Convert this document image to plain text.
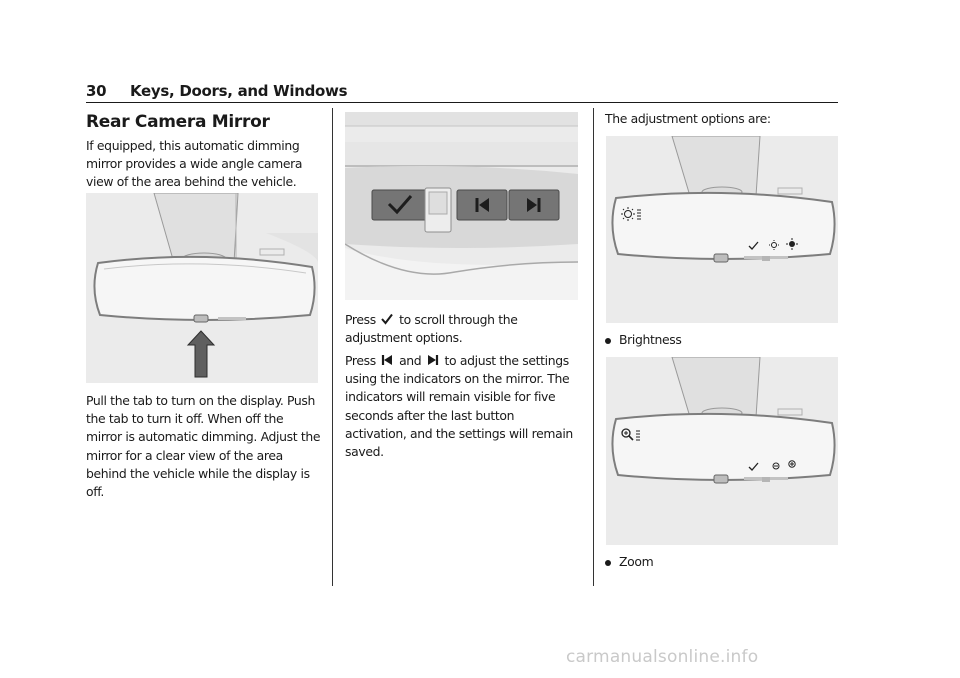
30 Keys, Doors, and Windows
Rear Camera Mirror
If equipped, this automatic dimming mirror provides a wide angle camera view of the area behind the vehicle.
Pull the tab to turn on the display. Push the tab to turn it off. When off the mirror is automatic dimming. Adjust the mirror for a clear view of the area behind the vehicle while the display is off.
Press to scroll through the adjustment options.
Press and to adjust the settings using the indicators on the mirror. The indicators will remain visible for five seconds after the last button activation, and the settings will remain saved.
The adjustment options are:
Brightness
Zoom
carmanualsonline.info
